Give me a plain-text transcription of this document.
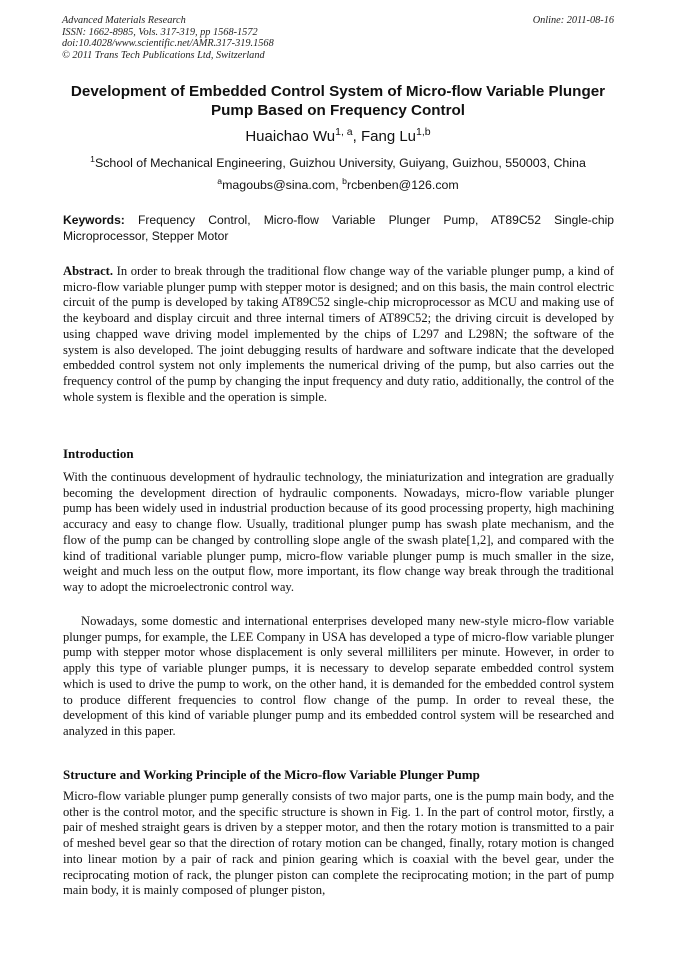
Advanced Materials Research
ISSN: 1662-8985, Vols. 317-319, pp 1568-1572
doi:10.4028/www.scientific.net/AMR.317-319.1568
© 2011 Trans Tech Publications Ltd, Switzerland
Online: 2011-08-16
Development of Embedded Control System of Micro-flow Variable Plunger Pump Based on Frequency Control
Huaichao Wu$^{1, a}$, Fang Lu$^{1,b}$
$^1$School of Mechanical Engineering, Guizhou University, Guiyang, Guizhou, 550003, China
$^a$magoubs@sina.com, $^b$rcbenben@126.com
Keywords: Frequency Control, Micro-flow Variable Plunger Pump, AT89C52 Single-chip Microprocessor, Stepper Motor
Abstract. In order to break through the traditional flow change way of the variable plunger pump, a kind of micro-flow variable plunger pump with stepper motor is designed; and on this basis, the main control electric circuit of the pump is developed by taking AT89C52 single-chip microprocessor as MCU and making use of the keyboard and display circuit and three internal timers of AT89C52; the driving circuit is developed by using chapped wave driving model implemented by the chips of L297 and L298N; the software of the system is also developed. The joint debugging results of hardware and software indicate that the developed embedded control system not only implements the numerical driving of the pump, but also carries out the frequency control of the pump by changing the input frequency and duty ratio, additionally, the control of the whole system is flexible and the operation is simple.
Introduction
With the continuous development of hydraulic technology, the miniaturization and integration are gradually becoming the development direction of hydraulic components. Nowadays, micro-flow variable plunger pump has been widely used in industrial production because of its good processing property, high machining accuracy and easy to change flow. Usually, traditional plunger pump has swash plate mechanism, and the flow of the pump can be changed by controlling slope angle of the swash plate[1,2], and compared with the kind of traditional variable plunger pump, micro-flow variable plunger pump is much smaller in the size, weight and much less on the output flow, more important, its flow change way break through the traditional way to adopt the microelectronic control way.
Nowadays, some domestic and international enterprises developed many new-style micro-flow variable plunger pumps, for example, the LEE Company in USA has developed a type of micro-flow variable plunger pump with stepper motor whose displacement is only several milliliters per minute. However, in order to apply this type of variable plunger pumps, it is necessary to develop separate embedded control system which is used to drive the pump to work, on the other hand, it is demanded for the embedded control system to produce different frequencies to control flow change of the pump. In order to reveal these, the development of this kind of variable plunger pump and its embedded control system will be researched and analyzed in this paper.
Structure and Working Principle of the Micro-flow Variable Plunger Pump
Micro-flow variable plunger pump generally consists of two major parts, one is the pump main body, and the other is the control motor, and the specific structure is shown in Fig. 1. In the part of control motor, firstly, a pair of meshed straight gears is driven by a stepper motor, and then the rotary motion is transmitted to a pair of meshed bevel gear so that the direction of rotary motion can be changed, finally, rotary motion is changed into linear motion by a pair of rack and pinion gearing which is coaxial with the bevel gear, under the reciprocating motion of rack, the plunger piston can complete the reciprocating motion; in the part of pump main body, it is mainly composed of plunger piston,
